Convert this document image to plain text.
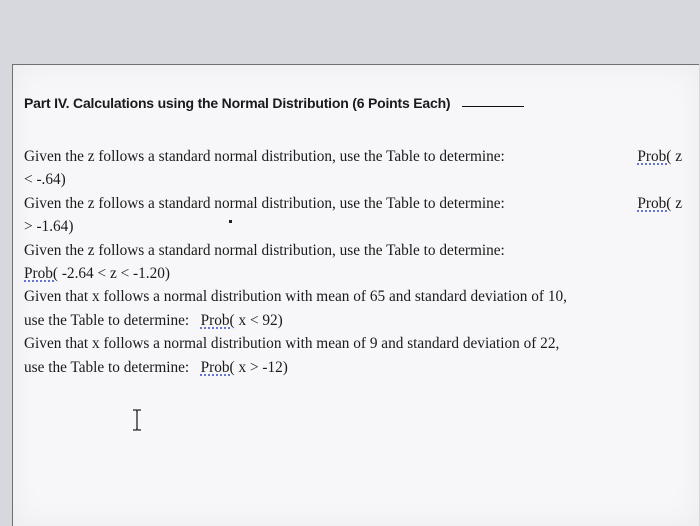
Part IV. Calculations using the Normal Distribution (6 Points Each)
Given the z follows a standard normal distribution, use the Table to determine:	Prob( z
< -.64)
Given the z follows a standard normal distribution, use the Table to determine:	Prob( z
> -1.64)
Given the z follows a standard normal distribution, use the Table to determine:
Prob( -2.64 < z < -1.20)
Given that x follows a normal distribution with mean of 65 and standard deviation of 10,
use the Table to determine:   Prob( x < 92)
Given that x follows a normal distribution with mean of 9 and standard deviation of 22,
use the Table to determine:   Prob( x > -12)
